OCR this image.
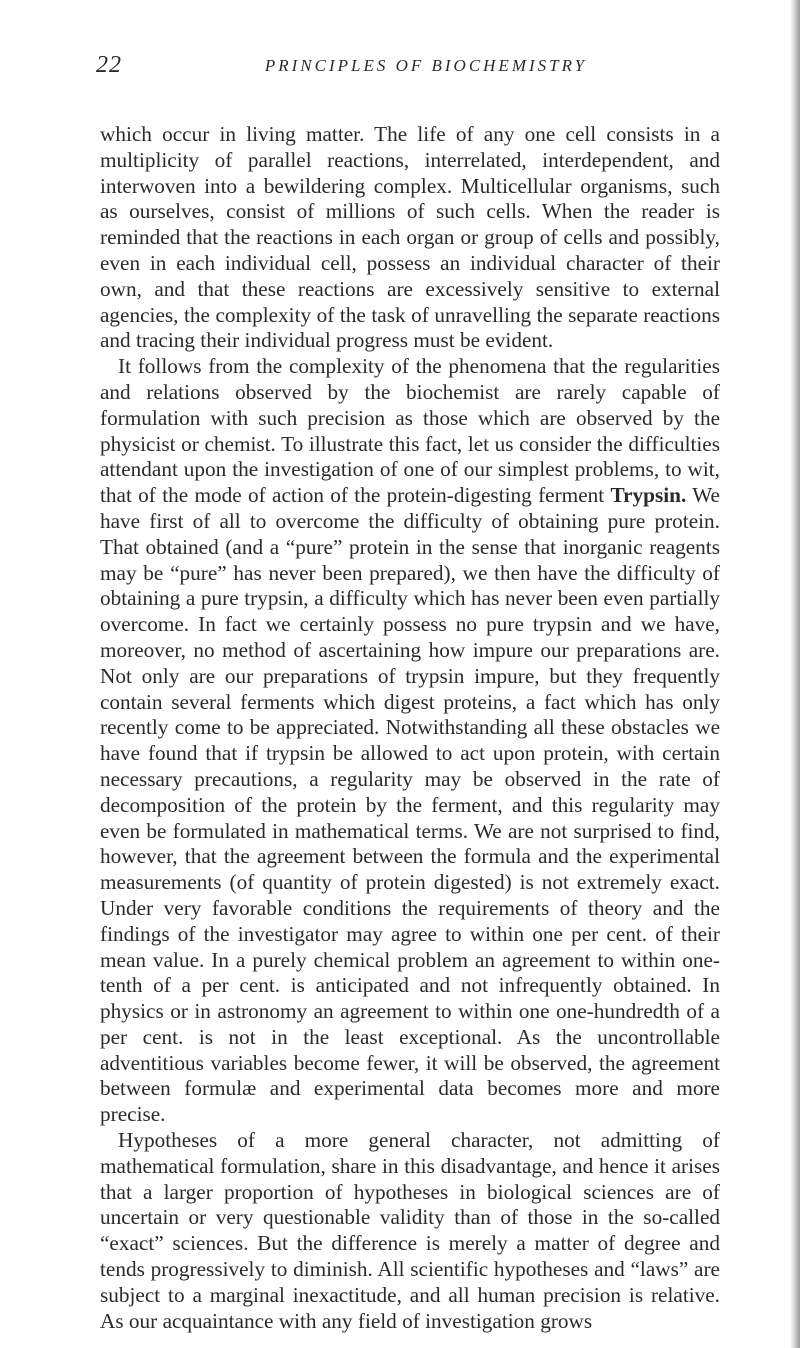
22	PRINCIPLES OF BIOCHEMISTRY

which occur in living matter. The life of any one cell consists in a multiplicity of parallel reactions, interrelated, interdependent, and interwoven into a bewildering complex. Multicellular organisms, such as ourselves, consist of millions of such cells. When the reader is reminded that the reactions in each organ or group of cells and possibly, even in each individual cell, possess an individual character of their own, and that these reactions are excessively sensitive to external agencies, the complexity of the task of unravelling the separate reactions and tracing their individual progress must be evident.

It follows from the complexity of the phenomena that the regularities and relations observed by the biochemist are rarely capable of formulation with such precision as those which are observed by the physicist or chemist. To illustrate this fact, let us consider the difficulties attendant upon the investigation of one of our simplest problems, to wit, that of the mode of action of the protein-digesting ferment Trypsin. We have first of all to overcome the difficulty of obtaining pure protein. That obtained (and a “pure” protein in the sense that inorganic reagents may be “pure” has never been prepared), we then have the difficulty of obtaining a pure trypsin, a difficulty which has never been even partially overcome. In fact we certainly possess no pure trypsin and we have, moreover, no method of ascertaining how impure our preparations are. Not only are our preparations of trypsin impure, but they frequently contain several ferments which digest proteins, a fact which has only recently come to be appreciated. Notwithstanding all these obstacles we have found that if trypsin be allowed to act upon protein, with certain necessary precautions, a regularity may be observed in the rate of decomposition of the protein by the ferment, and this regularity may even be formulated in mathematical terms. We are not surprised to find, however, that the agreement between the formula and the experimental measurements (of quantity of protein digested) is not extremely exact. Under very favorable conditions the requirements of theory and the findings of the investigator may agree to within one per cent. of their mean value. In a purely chemical problem an agreement to within one-tenth of a per cent. is anticipated and not infrequently obtained. In physics or in astronomy an agreement to within one one-hundredth of a per cent. is not in the least exceptional. As the uncontrollable adventitious variables become fewer, it will be observed, the agreement between formulæ and experimental data becomes more and more precise.

Hypotheses of a more general character, not admitting of mathematical formulation, share in this disadvantage, and hence it arises that a larger proportion of hypotheses in biological sciences are of uncertain or very questionable validity than of those in the so-called “exact” sciences. But the difference is merely a matter of degree and tends progressively to diminish. All scientific hypotheses and “laws” are subject to a marginal inexactitude, and all human precision is relative. As our acquaintance with any field of investigation grows
